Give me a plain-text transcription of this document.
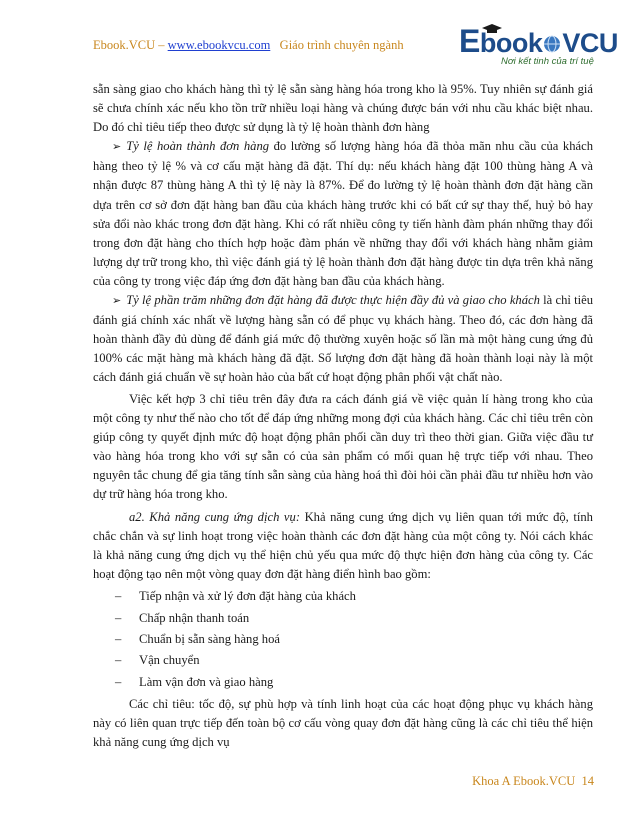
Ebook.VCU – www.ebookvcu.com Giáo trình chuyên ngành Ebook VCU
Nơi kết tinh của trí tuệ

sẵn sàng giao cho khách hàng thì tỷ lệ sẵn sàng hàng hóa trong kho là 95%. Tuy nhiên sự đánh giá sẽ chưa chính xác nếu kho tồn trữ nhiều loại hàng và chúng được bán với nhu cầu khác biệt nhau. Do đó chỉ tiêu tiếp theo được sử dụng là tỷ lệ hoàn thành đơn hàng

➢ Tỷ lệ hoàn thành đơn hàng đo lường số lượng hàng hóa đã thỏa mãn nhu cầu của khách hàng theo tỷ lệ % và cơ cấu mặt hàng đã đặt. Thí dụ: nếu khách hàng đặt 100 thùng hàng A và nhận được 87 thùng hàng A thì tỷ lệ này là 87%. Để đo lường tỷ lệ hoàn thành đơn đặt hàng cần dựa trên cơ sở đơn đặt hàng ban đầu của khách hàng trước khi có bất cứ sự thay thế, huỷ bỏ hay sửa đổi nào khác trong đơn đặt hàng. Khi có rất nhiều công ty tiến hành đàm phán những thay đổi trong đơn đặt hàng cho thích hợp hoặc đàm phán về những thay đổi với khách hàng nhằm giảm lượng dự trữ trong kho, thì việc đánh giá tỷ lệ hoàn thành đơn đặt hàng được tin dựa trên khả năng của công ty trong việc đáp ứng đơn đặt hàng ban đầu của khách hàng.

➢ Tỷ lệ phần trăm những đơn đặt hàng đã được thực hiện đầy đủ và giao cho khách là chỉ tiêu đánh giá chính xác nhất về lượng hàng sẵn có để phục vụ khách hàng. Theo đó, các đơn hàng đã hoàn thành đầy đủ dùng để đánh giá mức độ thường xuyên hoặc số lần mà một hàng cung ứng đủ 100% các mặt hàng mà khách hàng đã đặt. Số lượng đơn đặt hàng đã hoàn thành loại này là một cách đánh giá chuẩn về sự hoàn hảo của bất cứ hoạt động phân phối vật chất nào.

Việc kết hợp 3 chỉ tiêu trên đây đưa ra cách đánh giá về việc quản lí hàng trong kho của một công ty như thế nào cho tốt để đáp ứng những mong đợi của khách hàng. Các chỉ tiêu trên còn giúp công ty quyết định mức độ hoạt động phân phối cần duy trì theo thời gian. Giữa việc đầu tư vào hàng hóa trong kho với sự sẵn có của sản phẩm có mối quan hệ trực tiếp với nhau. Theo nguyên tắc chung để gia tăng tính sẵn sàng của hàng hoá thì đòi hỏi cần phải đầu tư nhiều hơn vào dự trữ hàng hóa trong kho.

a2. Khả năng cung ứng dịch vụ: Khả năng cung ứng dịch vụ liên quan tới mức độ, tính chắc chắn và sự linh hoạt trong việc hoàn thành các đơn đặt hàng của một công ty. Nói cách khác là khả năng cung ứng dịch vụ thể hiện chủ yếu qua mức độ thực hiện đơn hàng của công ty. Các hoạt động tạo nên một vòng quay đơn đặt hàng điển hình bao gồm:

– Tiếp nhận và xử lý đơn đặt hàng của khách

– Chấp nhận thanh toán

– Chuẩn bị sẵn sàng hàng hoá

– Vận chuyển

– Làm vận đơn và giao hàng

Các chỉ tiêu: tốc độ, sự phù hợp và tính linh hoạt của các hoạt động phục vụ khách hàng này có liên quan trực tiếp đến toàn bộ cơ cấu vòng quay đơn đặt hàng cũng là các chỉ tiêu thể hiện khả năng cung ứng dịch vụ

Khoa A Ebook.VCU 14
